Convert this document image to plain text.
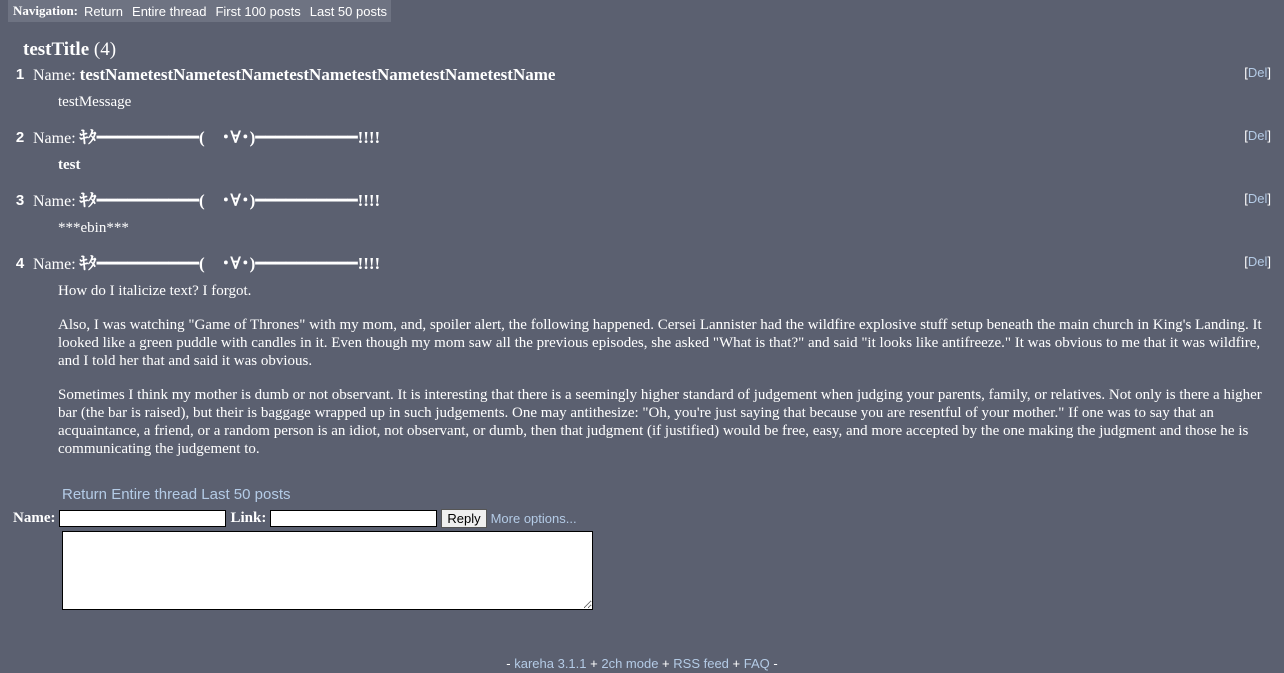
Navigation: Return Entire thread First 100 posts Last 50 posts
testTitle (4)
1 Name: testNametestNametestNametestNametestNametestNametestName	[Del]

testMessage

2 Name: ｷﾀ━━━━━━━━━━(　･∀･)━━━━━━━━━━!!!!	[Del]

test

3 Name: ｷﾀ━━━━━━━━━━(　･∀･)━━━━━━━━━━!!!!	[Del]

***ebin***

4 Name: ｷﾀ━━━━━━━━━━(　･∀･)━━━━━━━━━━!!!!	[Del]

How do I italicize text? I forgot.

Also, I was watching "Game of Thrones" with my mom, and, spoiler alert, the following happened. Cersei Lannister had the wildfire explosive stuff setup beneath the main church in King's Landing. It looked like a green puddle with candles in it. Even though my mom saw all the previous episodes, she asked "What is that?" and said "it looks like antifreeze." It was obvious to me that it was wildfire, and I told her that and said it was obvious.

Sometimes I think my mother is dumb or not observant. It is interesting that there is a seemingly higher standard of judgement when judging your parents, family, or relatives. Not only is there a higher bar (the bar is raised), but their is baggage wrapped up in such judgements. One may antithesize: "Oh, you're just saying that because you are resentful of your mother." If one was to say that an acquaintance, a friend, or a random person is an idiot, not observant, or dumb, then that judgment (if justified) would be free, easy, and more accepted by the one making the judgment and those he is communicating the judgement to.

Return Entire thread Last 50 posts
Name:	Link:	Reply More options...
- kareha 3.1.1 + 2ch mode + RSS feed + FAQ -
